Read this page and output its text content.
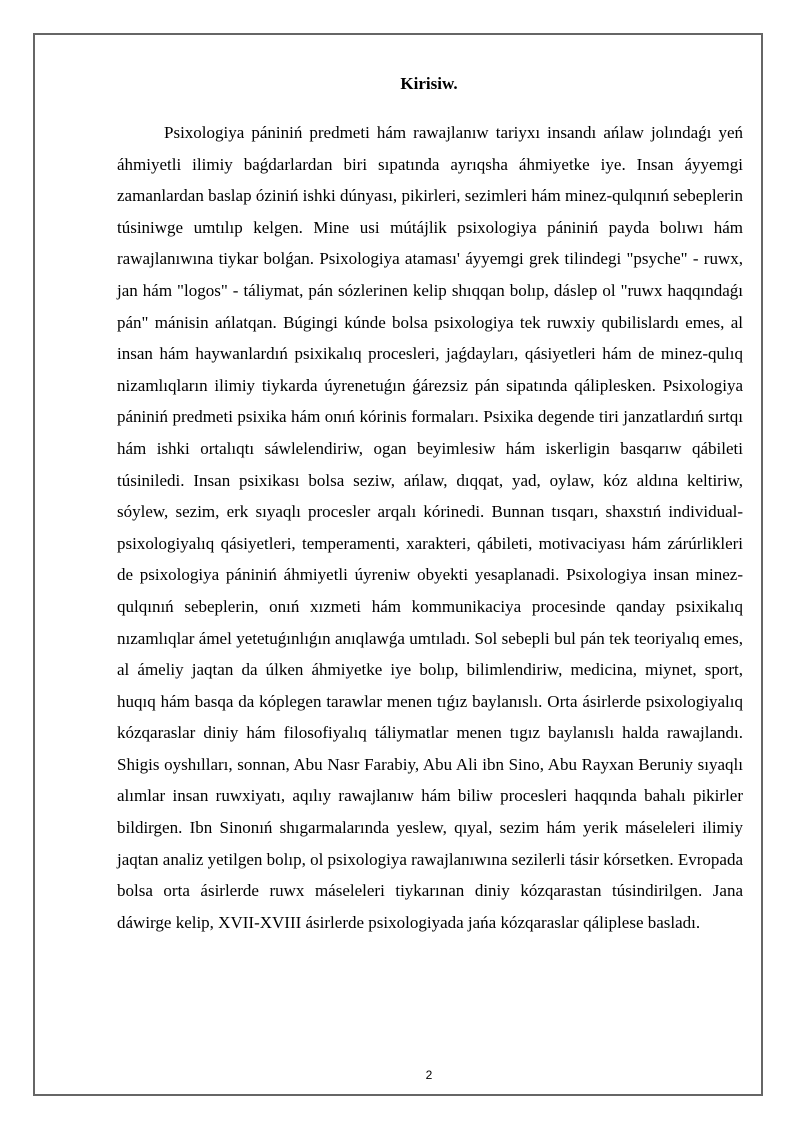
Kirisiw.

Psixologiya pániniń predmeti hám rawajlanıw tariyxı insandı ańlaw jolındaǵı yeń áhmiyetli ilimiy baǵdarlardan biri sıpatında ayrıqsha áhmiyetke iye. Insan áyyemgi zamanlardan baslap óziniń ishki dúnyası, pikirleri, sezimleri hám minez-qulqınıń sebeplerin túsiniwge umtılıp kelgen. Mine usi mútájlik psixologiya pániniń payda bolıwı hám rawajlanıwına tiykar bolǵan. Psixologiya ataması' áyyemgi grek tilindegi "psyche" - ruwx, jan hám "logos" - táliymat, pán sózlerinen kelip shıqqan bolıp, dáslep ol "ruwx haqqındaǵı pán" mánisin ańlatqan. Búgingi kúnde bolsa psixologiya tek ruwxiy qubilislardı emes, al insan hám haywanlardıń psixikalıq procesleri, jaǵdayları, qásiyetleri hám de minez-qulıq nizamlıqların ilimiy tiykarda úyrenetuǵın ǵárezsiz pán sipatında qáliplesken. Psixologiya pániniń predmeti psixika hám onıń kórinis formaları. Psixika degende tiri janzatlardıń sırtqı hám ishki ortalıqtı sáwlelendiriw, ogan beyimlesiw hám iskerligin basqarıw qábileti túsiniledi. Insan psixikası bolsa seziw, ańlaw, dıqqat, yad, oylaw, kóz aldına keltiriw, sóylew, sezim, erk sıyaqlı procesler arqalı kórinedi. Bunnan tısqarı, shaxstıń individual-psixologiyalıq qásiyetleri, temperamenti, xarakteri, qábileti, motivaciyası hám zárúrlikleri de psixologiya pániniń áhmiyetli úyreniw obyekti yesaplanadi. Psixologiya insan minez-qulqınıń sebeplerin, onıń xızmeti hám kommunikaciya procesinde qanday psixikalıq nızamlıqlar ámel yetetuǵınlıǵın anıqlawǵa umtıladı. Sol sebepli bul pán tek teoriyalıq emes, al ámeliy jaqtan da úlken áhmiyetke iye bolıp, bilimlendiriw, medicina, miynet, sport, huqıq hám basqa da kóplegen tarawlar menen tıǵız baylanıslı. Orta ásirlerde psixologiyalıq kózqaraslar diniy hám filosofiyalıq táliymatlar menen tıgız baylanıslı halda rawajlandı. Shigis oyshılları, sonnan, Abu Nasr Farabiy, Abu Ali ibn Sino, Abu Rayxan Beruniy sıyaqlı alımlar insan ruwxiyatı, aqılıy rawajlanıw hám biliw procesleri haqqında bahalı pikirler bildirgen. Ibn Sinonıń shıgarmalarında yeslew, qıyal, sezim hám yerik máseleleri ilimiy jaqtan analiz yetilgen bolıp, ol psixologiya rawajlanıwına sezilerli tásir kórsetken. Evropada bolsa orta ásirlerde ruwx máseleleri tiykarınan diniy kózqarastan túsindirilgen. Jana dáwirge kelip, XVII-XVIII ásirlerde psixologiyada jańa kózqaraslar qáliplese basladı.

2
